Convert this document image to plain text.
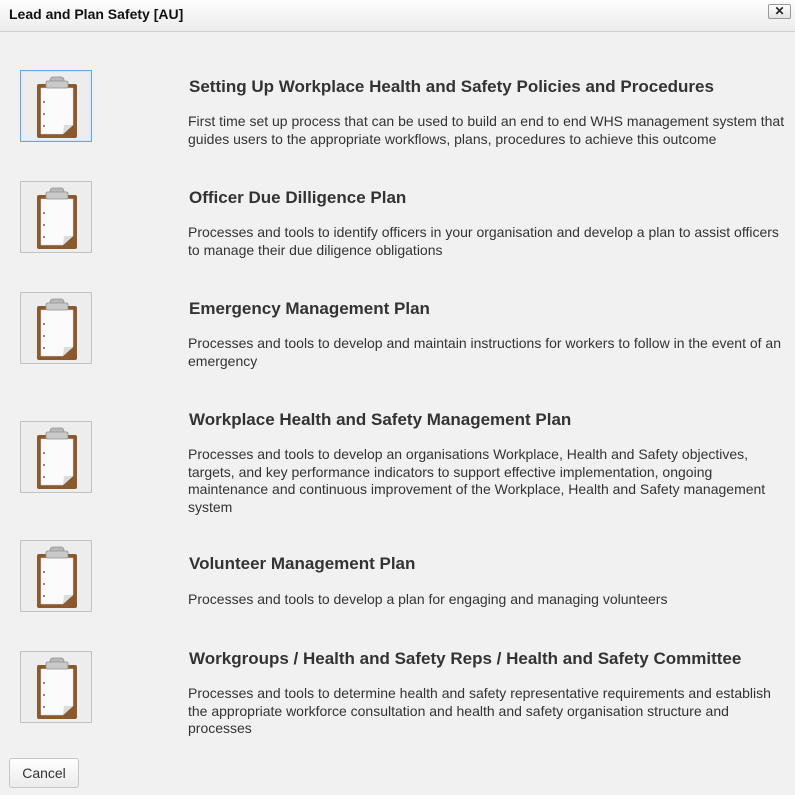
Lead and Plan Safety [AU]	✕
Setting Up Workplace Health and Safety Policies and Procedures
First time set up process that can be used to build an end to end WHS management system that guides users to the appropriate workflows, plans, procedures to achieve this outcome
Officer Due Dilligence Plan
Processes and tools to identify officers in your organisation and develop a plan to assist officers to manage their due diligence obligations
Emergency Management Plan
Processes and tools to develop and maintain instructions for workers to follow in the event of an emergency
Workplace Health and Safety Management Plan
Processes and tools to develop an organisations Workplace, Health and Safety objectives, targets, and key performance indicators to support effective implementation, ongoing maintenance and continuous improvement of the Workplace, Health and Safety management system
Volunteer Management Plan
Processes and tools to develop a plan for engaging and managing volunteers
Workgroups / Health and Safety Reps / Health and Safety Committee
Processes and tools to determine health and safety representative requirements and establish the appropriate workforce consultation and health and safety organisation structure and processes
Cancel
